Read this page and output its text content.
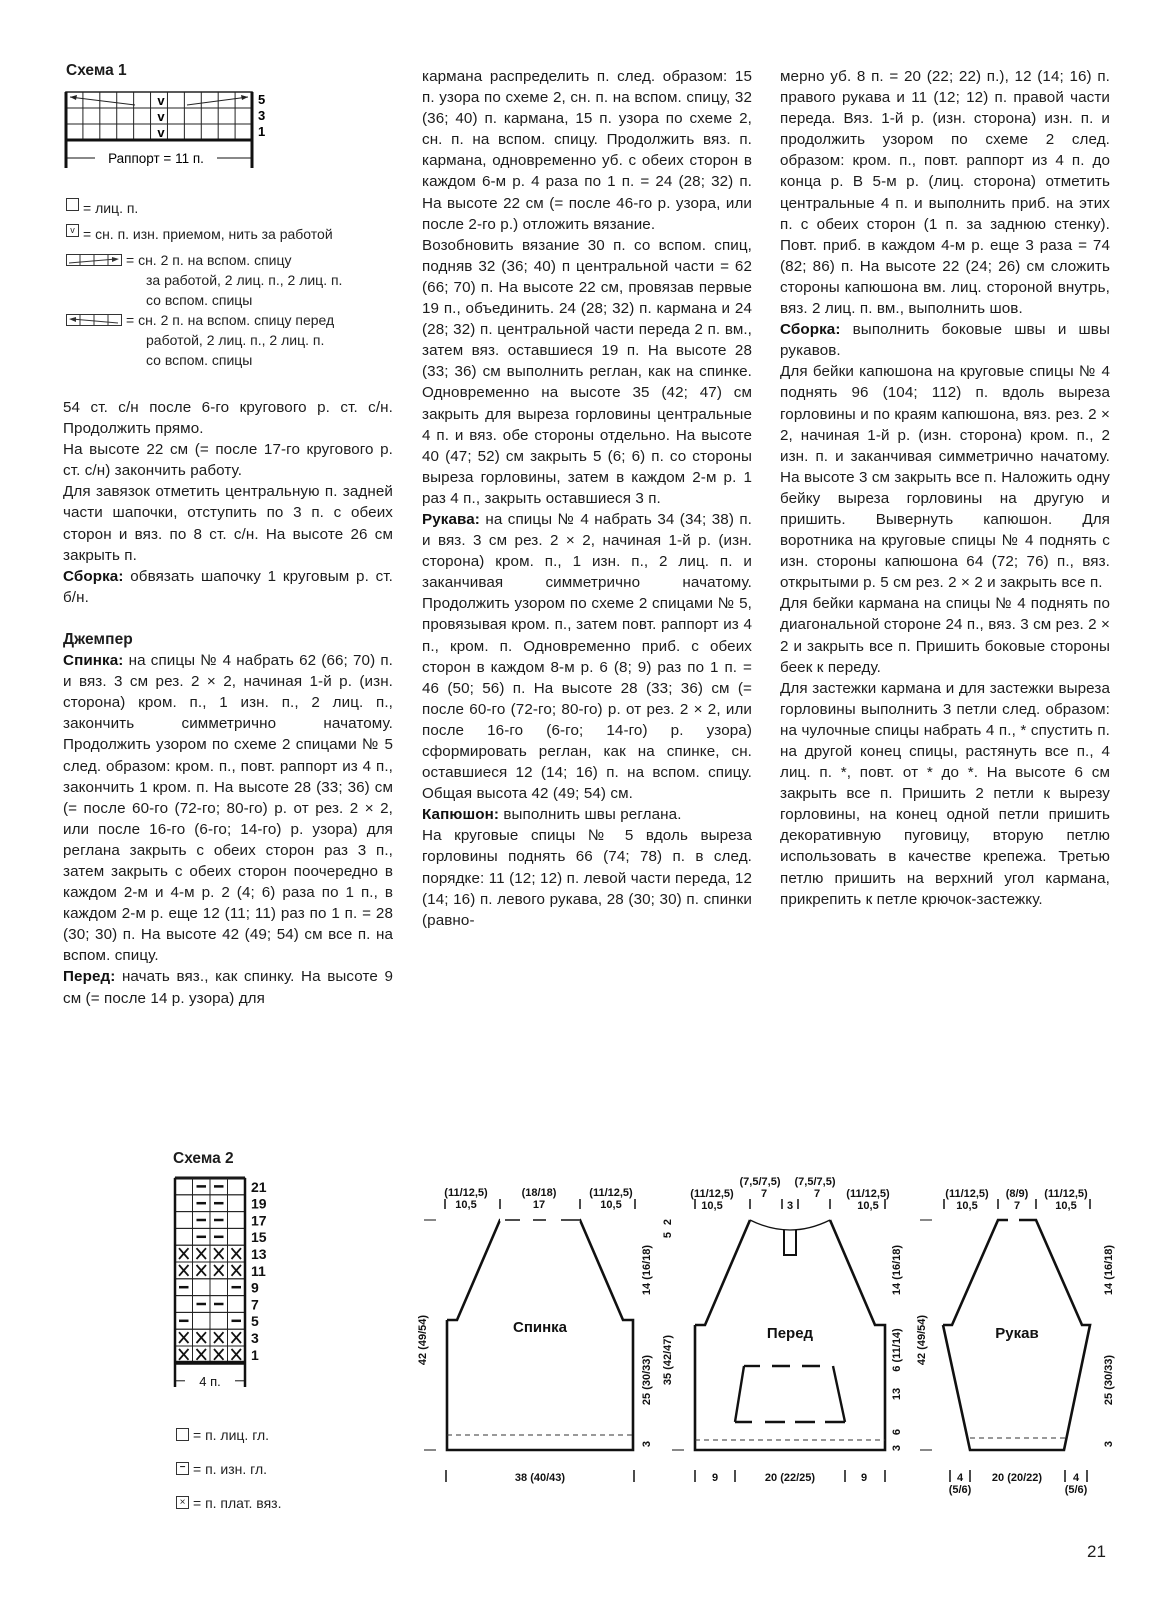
Схема 1
Раппорт = 11 п.
v
v
v
5
3
1
= лиц. п.
v = сн. п. изн. приемом, нить за работой
= сн. 2 п. на вспом. спицу
за работой, 2 лиц. п., 2 лиц. п.
со вспом. спицы
= сн. 2 п. на вспом. спицу перед
работой, 2 лиц. п., 2 лиц. п.
со вспом. спицы

54 ст. с/н после 6-го кругового р. ст. с/н. Продолжить прямо.

На высоте 22 см (= после 17-го кругового р. ст. с/н) закончить работу.

Для завязок отметить центральную п. задней части шапочки, отступить по 3 п. с обеих сторон и вяз. по 8 ст. с/н. На высоте 26 см закрыть п.

Сборка: обвязать шапочку 1 круговым р. ст. б/н.

Джемпер

Спинка: на спицы № 4 набрать 62 (66; 70) п. и вяз. 3 см рез. 2 × 2, начиная 1-й р. (изн. сторона) кром. п., 1 изн. п., 2 лиц. п., закончить симметрично начатому. Продолжить узором по схеме 2 спицами № 5 след. образом: кром. п., повт. раппорт из 4 п., закончить 1 кром. п. На высоте 28 (33; 36) см (= после 60-го (72-го; 80-го) р. от рез. 2 × 2, или после 16-го (6-го; 14-го) р. узора) для реглана закрыть с обеих сторон раз 3 п., затем закрыть с обеих сторон поочередно в каждом 2-м и 4-м р. 2 (4; 6) раза по 1 п., в каждом 2-м р. еще 12 (11; 11) раз по 1 п. = 28 (30; 30) п. На высоте 42 (49; 54) см все п. на вспом. спицу.

Перед: начать вяз., как спинку. На высоте 9 см (= после 14 р. узора) для

кармана распределить п. след. образом: 15 п. узора по схеме 2, сн. п. на вспом. спицу, 32 (36; 40) п. кармана, 15 п. узора по схеме 2, сн. п. на вспом. спицу. Продолжить вяз. п. кармана, одновременно уб. с обеих сторон в каждом 6-м р. 4 раза по 1 п. = 24 (28; 32) п. На высоте 22 см (= после 46-го р. узора, или после 2-го р.) отложить вязание.

Возобновить вязание 30 п. со вспом. спиц, подняв 32 (36; 40) п центральной части = 62 (66; 70) п. На высоте 22 см, провязав первые 19 п., объединить. 24 (28; 32) п. кармана и 24 (28; 32) п. центральной части переда 2 п. вм., затем вяз. оставшиеся 19 п. На высоте 28 (33; 36) см выполнить реглан, как на спинке. Одновременно на высоте 35 (42; 47) см закрыть для выреза горловины центральные 4 п. и вяз. обе стороны отдельно. На высоте 40 (47; 52) см закрыть 5 (6; 6) п. со стороны выреза горловины, затем в каждом 2-м р. 1 раз 4 п., закрыть оставшиеся 3 п.

Рукава: на спицы № 4 набрать 34 (34; 38) п. и вяз. 3 см рез. 2 × 2, начиная 1-й р. (изн. сторона) кром. п., 1 изн. п., 2 лиц. п. и заканчивая симметрично начатому. Продолжить узором по схеме 2 спицами № 5, провязывая кром. п., затем повт. раппорт из 4 п., кром. п. Одновременно приб. с обеих сторон в каждом 8-м р. 6 (8; 9) раз по 1 п. = 46 (50; 56) п. На высоте 28 (33; 36) см (= после 60-го (72-го; 80-го) р. от рез. 2 × 2, или после 16-го (6-го; 14-го) р. узора) сформировать реглан, как на спинке, сн. оставшиеся 12 (14; 16) п. на вспом. спицу. Общая высота 42 (49; 54) см.

Капюшон: выполнить швы реглана.

На круговые спицы № 5 вдоль выреза горловины поднять 66 (74; 78) п. в след. порядке: 11 (12; 12) п. левой части переда, 12 (14; 16) п. левого рукава, 28 (30; 30) п. спинки (равно-

мерно уб. 8 п. = 20 (22; 22) п.), 12 (14; 16) п. правого рукава и 11 (12; 12) п. правой части переда. Вяз. 1-й р. (изн. сторона) изн. п. и продолжить узором по схеме 2 след. образом: кром. п., повт. раппорт из 4 п. до конца р. В 5-м р. (лиц. сторона) отметить центральные 4 п. и выполнить приб. на этих п. с обеих сторон (1 п. за заднюю стенку). Повт. приб. в каждом 4-м р. еще 3 раза = 74 (82; 86) п. На высоте 22 (24; 26) см сложить стороны капюшона вм. лиц. стороной внутрь, вяз. 2 лиц. п. вм., выполнить шов.

Сборка: выполнить боковые швы и швы рукавов.

Для бейки капюшона на круговые спицы № 4 поднять 96 (104; 112) п. вдоль выреза горловины и по краям капюшона, вяз. рез. 2 × 2, начиная 1-й р. (изн. сторона) кром. п., 2 изн. п. и заканчивая симметрично начатому. На высоте 3 см закрыть все п. Наложить одну бейку выреза горловины на другую и пришить. Вывернуть капюшон. Для воротника на круговые спицы № 4 поднять с изн. стороны капюшона 64 (72; 76) п., вяз. открытыми р. 5 см рез. 2 × 2 и закрыть все п.

Для бейки кармана на спицы № 4 поднять по диагональной стороне 24 п., вяз. 3 см рез. 2 × 2 и закрыть все п. Пришить боковые стороны беек к переду.

Для застежки кармана и для застежки выреза горловины выполнить 3 петли след. образом: на чулочные спицы набрать 4 п., * спустить п. на другой конец спицы, растянуть все п., 4 лиц. п. *, повт. от * до *. На высоте 6 см закрыть все п. Пришить 2 петли к вырезу горловины, на конец одной петли пришить декоративную пуговицу, вторую петлю использовать в качестве крепежа. Третью петлю пришить на верхний угол кармана, прикрепить к петле крючок-застежку.

Схема 2
21
19
17
15
13
11
9
7
5
3
1
4 п.
= п. лиц. гл.
− = п. изн. гл.
× = п. плат. вяз.
Спинка
(11/12,5)
10,5
(18/18)
17
(11/12,5)
10,5
42 (49/54)
14 (16/18)
25 (30/33)
3
38 (40/43)
Перед
(7,5/7,5) (7,5/7,5)
(11/12,5)
10,5
7
3
7 (11/12,5)
10,5
5
2
35 (42/47)
14 (16/18)
6 (11/14)
13
6
3
9	20 (22/25)	9
Рукав
(11/12,5)
10,5
(8/9)
7
(11/12,5)
10,5
42 (49/54)
14 (16/18)
25 (30/33)
3
4
(5/6)
20 (20/22)	4
(5/6)
21
